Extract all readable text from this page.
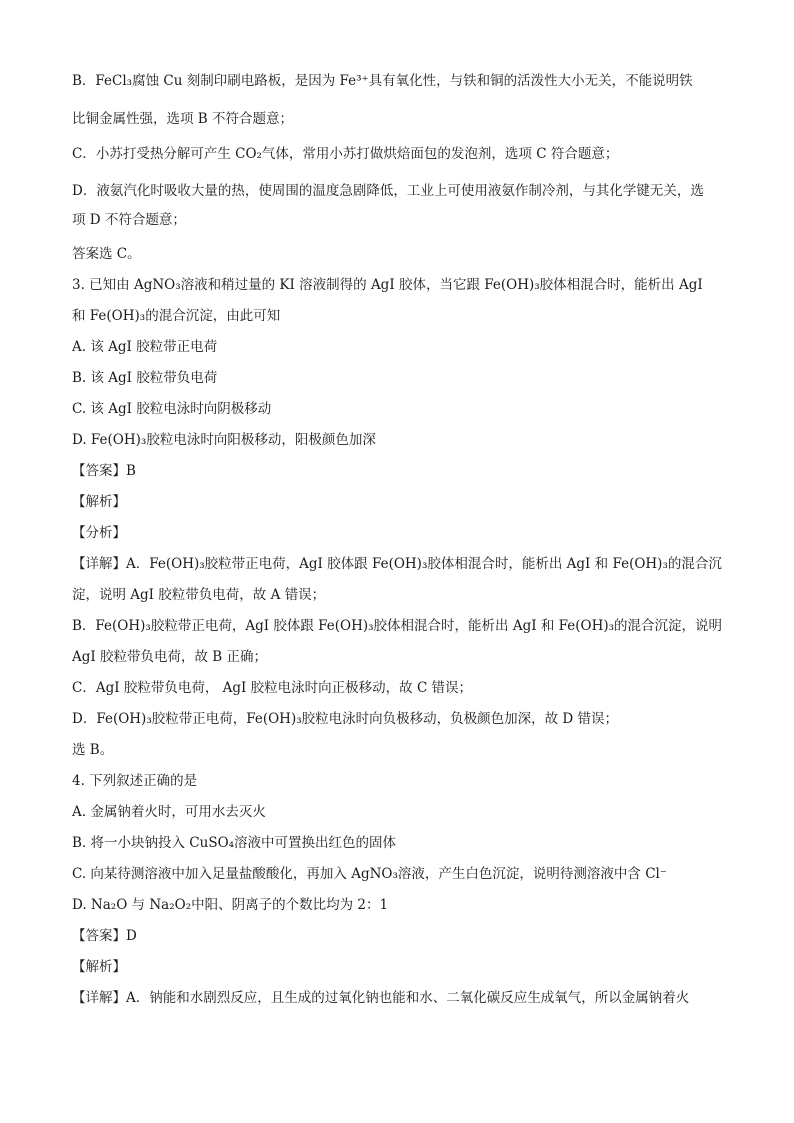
B．FeCl₃腐蚀 Cu 刻制印刷电路板，是因为 Fe³⁺具有氧化性，与铁和铜的活泼性大小无关，不能说明铁
比铜金属性强，选项 B 不符合题意；
C．小苏打受热分解可产生 CO₂气体，常用小苏打做烘焙面包的发泡剂，选项 C 符合题意；
D．液氨汽化时吸收大量的热，使周围的温度急剧降低，工业上可使用液氨作制冷剂，与其化学键无关，选
项 D 不符合题意；
答案选 C。
3. 已知由 AgNO₃溶液和稍过量的 KI 溶液制得的 AgI 胶体，当它跟 Fe(OH)₃胶体相混合时，能析出 AgI
和 Fe(OH)₃的混合沉淀，由此可知
A. 该 AgI 胶粒带正电荷
B. 该 AgI 胶粒带负电荷
C. 该 AgI 胶粒电泳时向阴极移动
D. Fe(OH)₃胶粒电泳时向阳极移动，阳极颜色加深
【答案】B
【解析】
【分析】
【详解】A．Fe(OH)₃胶粒带正电荷，AgI 胶体跟 Fe(OH)₃胶体相混合时，能析出 AgI 和 Fe(OH)₃的混合沉
淀，说明 AgI 胶粒带负电荷，故 A 错误；
B．Fe(OH)₃胶粒带正电荷，AgI 胶体跟 Fe(OH)₃胶体相混合时，能析出 AgI 和 Fe(OH)₃的混合沉淀，说明
AgI 胶粒带负电荷，故 B 正确；
C．AgI 胶粒带负电荷， AgI 胶粒电泳时向正极移动，故 C 错误；
D．Fe(OH)₃胶粒带正电荷，Fe(OH)₃胶粒电泳时向负极移动，负极颜色加深，故 D 错误；
选 B。
4. 下列叙述正确的是
A. 金属钠着火时，可用水去灭火
B. 将一小块钠投入 CuSO₄溶液中可置换出红色的固体
C. 向某待测溶液中加入足量盐酸酸化，再加入 AgNO₃溶液，产生白色沉淀，说明待测溶液中含 Cl⁻
D. Na₂O 与 Na₂O₂中阳、阴离子的个数比均为 2：1
【答案】D
【解析】
【详解】A．钠能和水剧烈反应，且生成的过氧化钠也能和水、二氧化碳反应生成氧气，所以金属钠着火
